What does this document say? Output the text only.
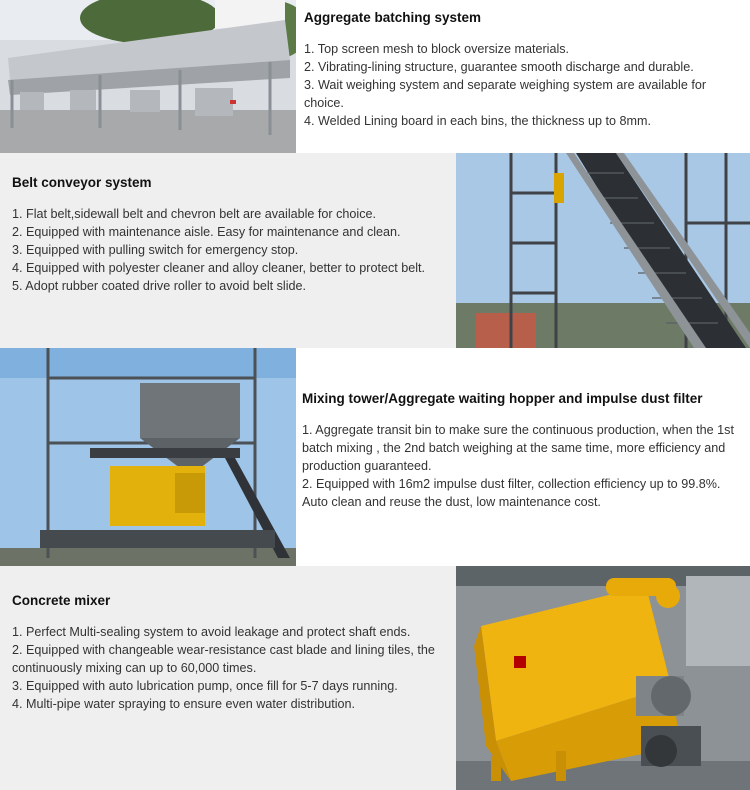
Aggregate batching system
1. Top screen mesh to block oversize materials.
2. Vibrating-lining structure, guarantee smooth discharge and durable.
3. Wait weighing system and separate weighing system are available for choice.
4. Welded Lining board in each bins, the thickness up to 8mm.
Belt conveyor system
1. Flat belt,sidewall belt and chevron belt are available for choice.
2. Equipped with maintenance aisle. Easy for maintenance and clean.
3. Equipped with pulling switch for emergency stop.
4. Equipped with polyester cleaner and alloy cleaner, better to protect belt.
5. Adopt rubber coated drive roller to avoid belt slide.
Mixing tower/Aggregate waiting hopper and impulse dust filter
1. Aggregate transit bin to make sure the continuous production, when the 1st batch mixing , the 2nd batch weighing at the same time, more efficiency and production guaranteed.
2. Equipped with 16m2 impulse dust filter, collection efficiency up to 99.8%. Auto clean and reuse the dust, low maintenance cost.
Concrete mixer
1. Perfect Multi-sealing system to avoid leakage and protect shaft ends.
2. Equipped with changeable wear-resistance cast blade and lining tiles, the continuously mixing can up to 60,000 times.
3. Equipped with auto lubrication pump, once fill for 5-7 days running.
4. Multi-pipe water spraying to ensure even water distribution.
